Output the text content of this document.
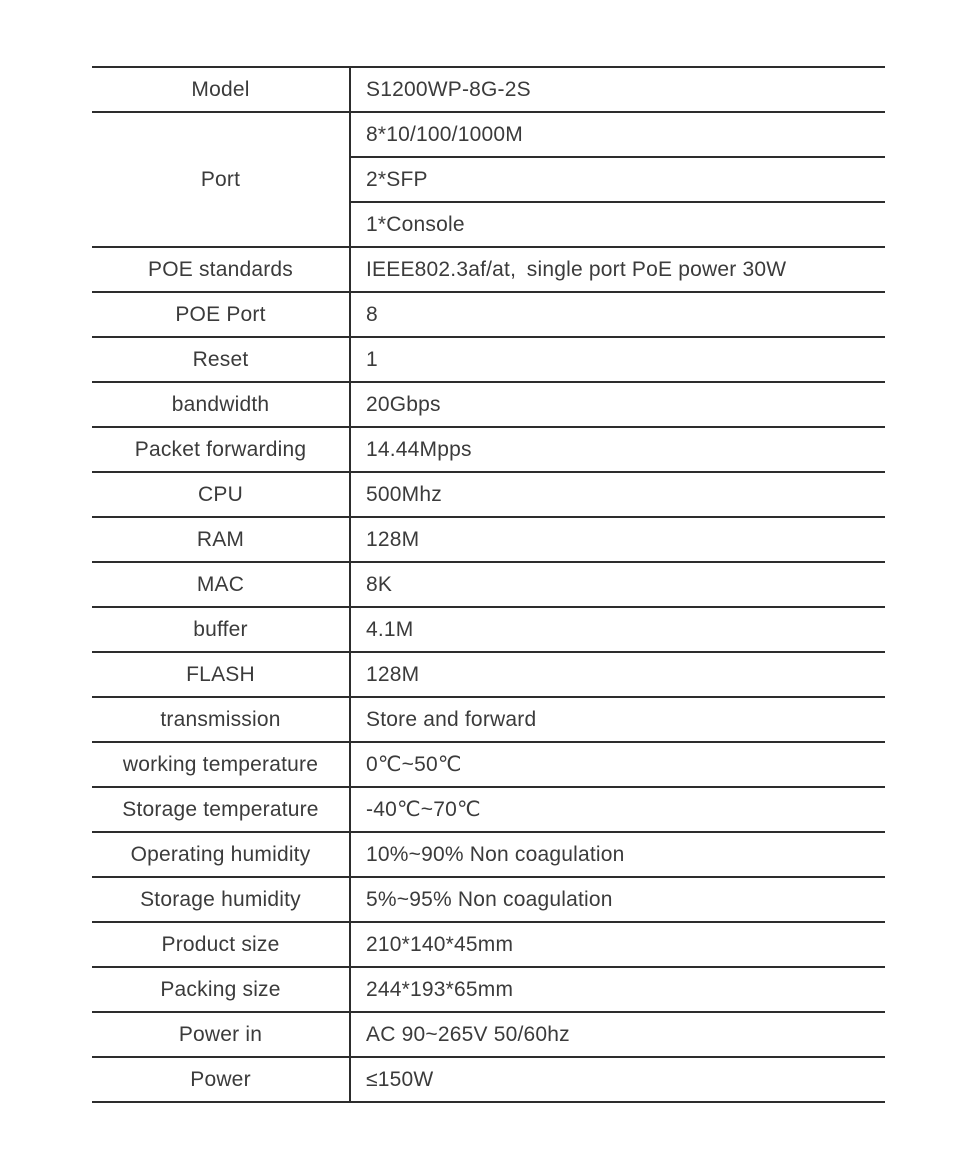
Model	S1200WP-8G-2S
Port	8*10/100/1000M
	2*SFP
	1*Console
POE standards	IEEE802.3af/at, single port PoE power 30W
POE Port	8
Reset	1
bandwidth	20Gbps
Packet forwarding	14.44Mpps
CPU	500Mhz
RAM	128M
MAC	8K
buffer	4.1M
FLASH	128M
transmission	Store and forward
working temperature	0℃~50℃
Storage temperature	-40℃~70℃
Operating humidity	10%~90% Non coagulation
Storage humidity	5%~95% Non coagulation
Product size	210*140*45mm
Packing size	244*193*65mm
Power in	AC 90~265V 50/60hz
Power	≤150W
